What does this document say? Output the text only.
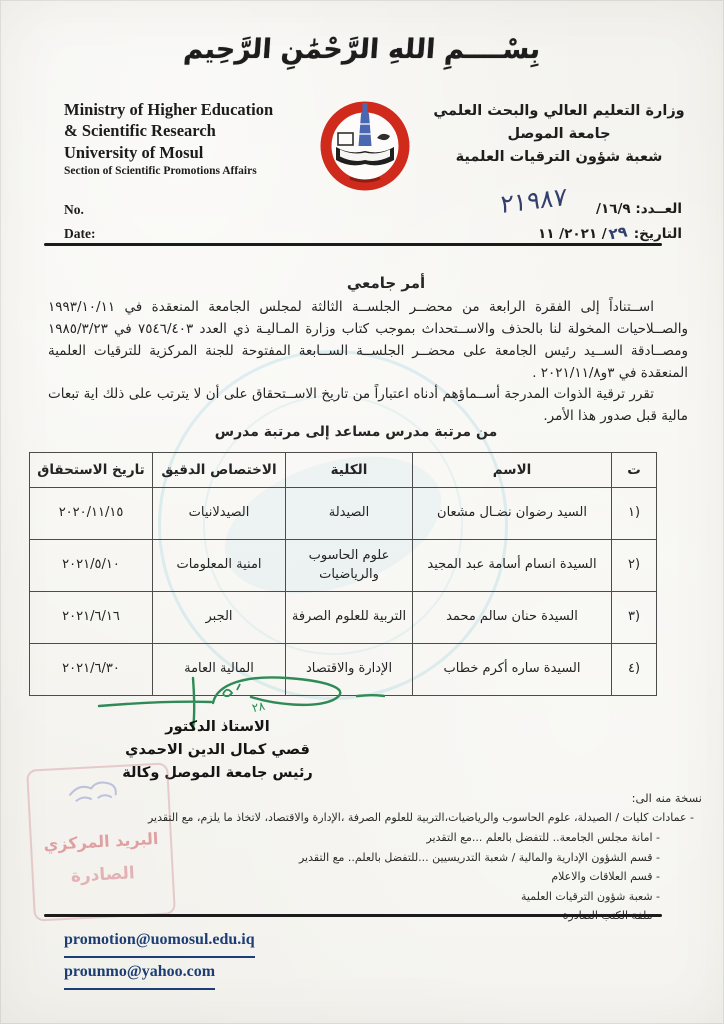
بِسْــــمِ اللهِ الرَّحْمَٰنِ الرَّحِيم
Ministry of Higher Education
& Scientific Research
University of Mosul
Section of Scientific Promotions Affairs
وزارة التعليم العالي والبحث العلمي
جامعة الموصل
شعبة شؤون الترقيات العلمية
No.
Date:
٢١٩٨٧	العــدد: /١٦/٩
التاريخ: ٢٩٢٠٢١/ ١١ /
أمر جامعي
اســتناداً إلى الفقرة الرابعة من محضــر الجلســة الثالثة لمجلس الجامعة المنعقدة في ١٩٩٣/١٠/١١ والصــلاحيات المخولة لنا بالحذف والاســتحداث بموجب كتاب وزارة المـاليـة ذي العدد ٧٥٤٦/٤٠٣ في ١٩٨٥/٣/٢٣ ومصــادقة الســيد رئيس الجامعة على محضــر الجلســة الســابعة المفتوحة للجنة المركزية للترقيات العلمية المنعقدة في ٣و٢٠٢١/١١/٨ .
تقرر ترقية الذوات المدرجة أســماؤهم أدناه اعتباراً من تاريخ الاســتحقاق على أن لا يترتب على ذلك اية تبعات مالية قبل صدور هذا الأمر.
من مرتبة مدرس مساعد إلى مرتبة مدرس
ت	الاسم	الكلية	الاختصاص الدقيق	تاريخ الاستحقاق
١)	السيد رضوان نضـال مشعان	الصيدلة	الصيدلانيات	٢٠٢٠/١١/١٥
٢)	السيدة انسام أسامة عبد المجيد	علوم الحاسوب والرياضيات	امنية المعلومات	٢٠٢١/٥/١٠
٣)	السيدة حنان سالم محمد	التربية للعلوم الصرفة	الجبر	٢٠٢١/٦/١٦
٤)	السيدة ساره أكرم خطاب	الإدارة والاقتصاد	المالية العامة	٢٠٢١/٦/٣٠
٢٨
الاستاذ الدكتور
قصي كمال الدين الاحمدي
رئيس جامعة الموصل وكالة
البريد المركزي
الصادرة
نسخة منه الى:
- عمادات كليات / الصيدلة، علوم الحاسوب والرياضيات،التربية للعلوم الصرفة ،الإدارة والاقتصاد، لاتخاذ ما يلزم، مع التقدير
- امانة مجلس الجامعة.. للتفضل بالعلم ...مع التقدير
- قسم الشؤون الإدارية والمالية / شعبة التدريسيين ...للتفضل بالعلم.. مع التقدير
- قسم العلاقات والاعلام
- شعبة شؤون الترقيات العلمية
promotion@uomosul.edu.iq
prounmo@yahoo.com
